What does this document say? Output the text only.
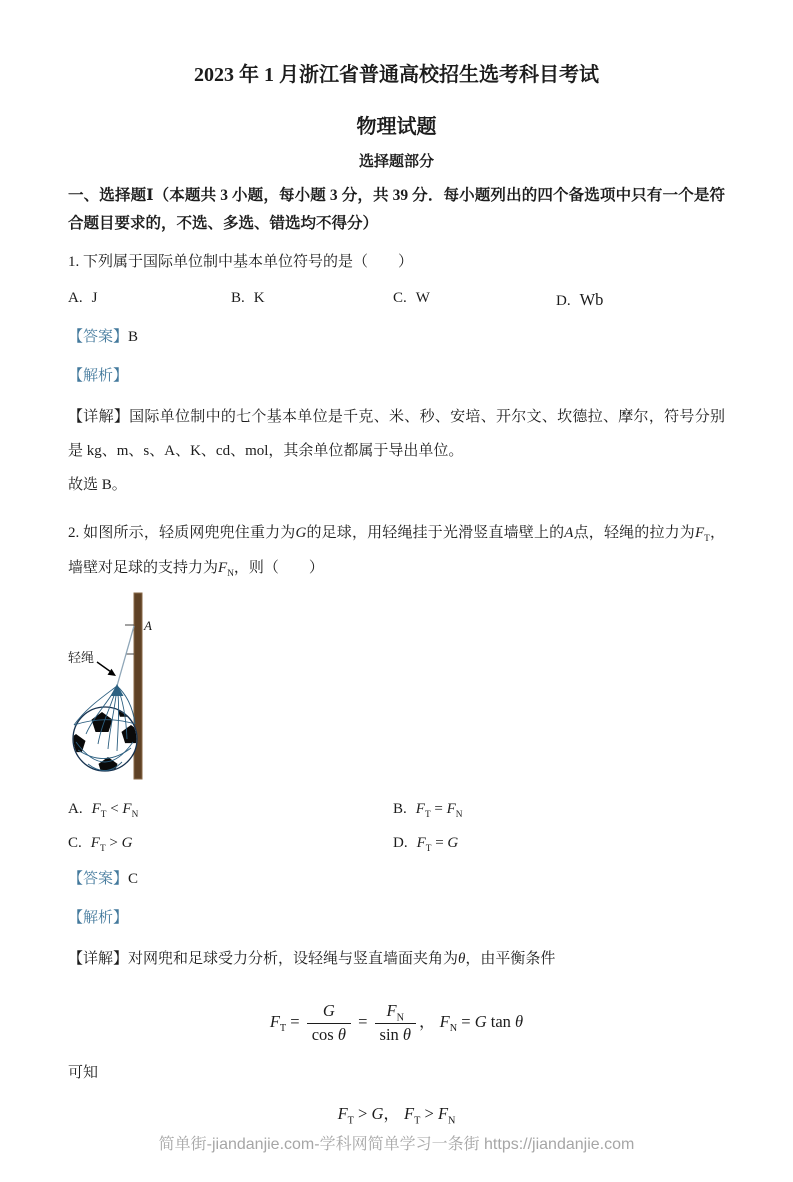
2023 年 1 月浙江省普通高校招生选考科目考试
物理试题
选择题部分

一、选择题Ⅰ（本题共 3 小题，每小题 3 分，共 39 分．每小题列出的四个备选项中只有一个是符合题目要求的，不选、多选、错选均不得分）

1. 下列属于国际单位制中基本单位符号的是（　　）

A. J	B. K	C. W	D. Wb

【答案】B

【解析】

【详解】国际单位制中的七个基本单位是千克、米、秒、安培、开尔文、坎德拉、摩尔，符号分别是 kg、m、s、A、K、cd、mol，其余单位都属于导出单位。

故选 B。

2. 如图所示，轻质网兜兜住重力为G的足球，用轻绳挂于光滑竖直墙壁上的A点，轻绳的拉力为$F_T$，墙壁对足球的支持力为$F_N$，则（　　）

A
轻绳
A. $F_T < F_N$	B. $F_T = F_N$
C. $F_T > G$	D. $F_T = G$

【答案】C

【解析】

【详解】对网兜和足球受力分析，设轻绳与竖直墙面夹角为θ，由平衡条件

$F_T = \frac{G}{\text{cos θ}} = \frac{F_N}{\text{sin θ}}$ ， $F_N = G$ tan θ

可知

$F_T > G$， $F_T > F_N$
简单街-jiandanjie.com-学科网简单学习一条街 https://jiandanjie.com
